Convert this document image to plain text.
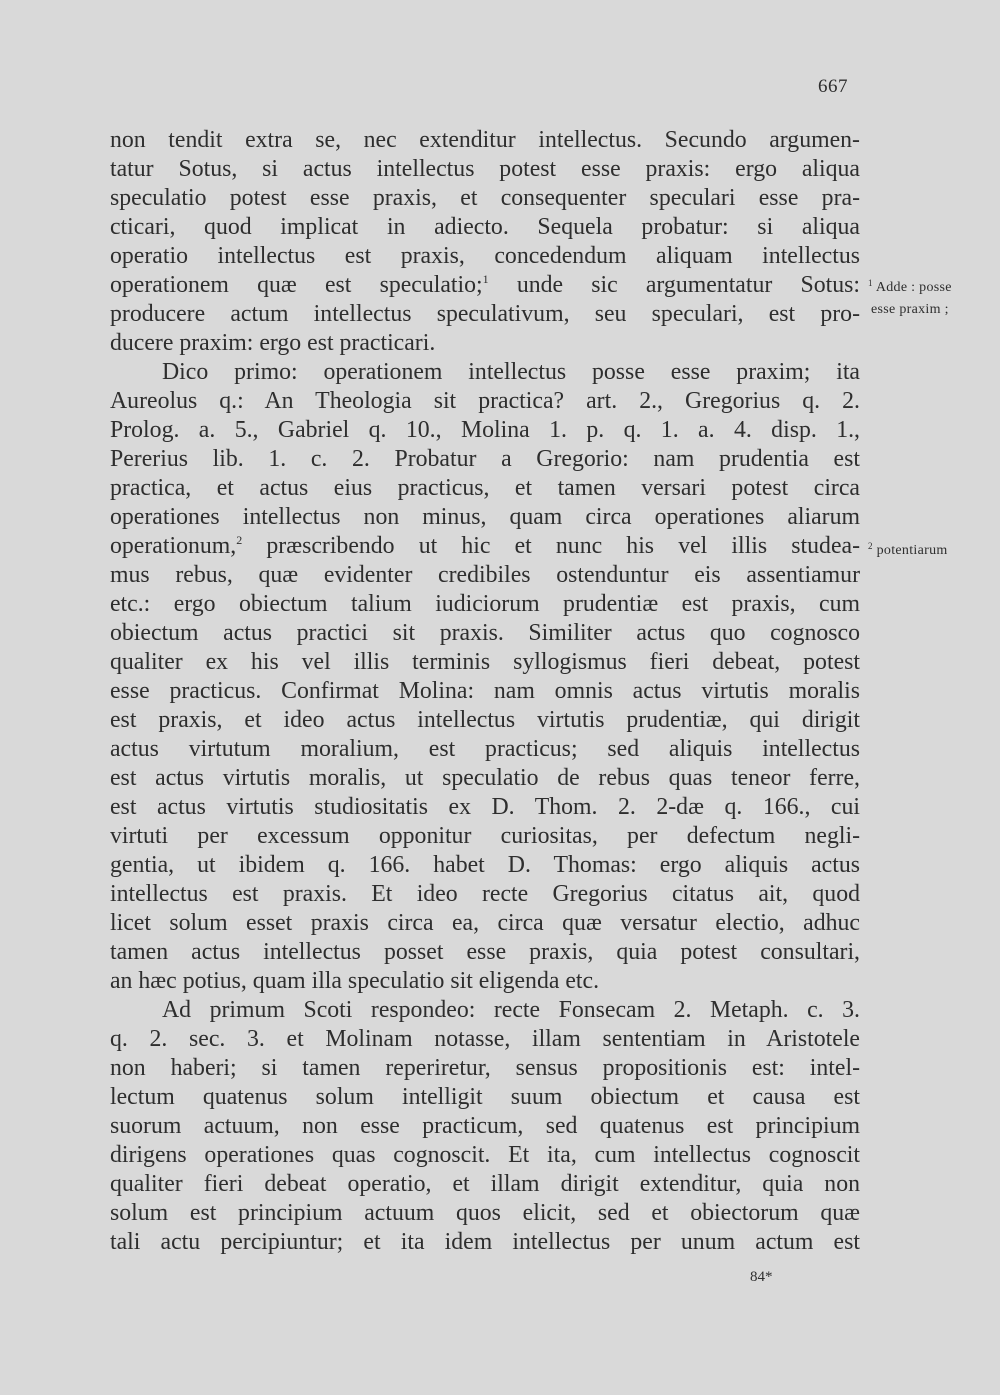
667
non tendit extra se, nec extenditur intellectus. Secundo argumen-
tatur Sotus, si actus intellectus potest esse praxis: ergo aliqua
speculatio potest esse praxis, et consequenter speculari esse pra-
cticari, quod implicat in adiecto. Sequela probatur: si aliqua
operatio intellectus est praxis, concedendum aliquam intellectus
operationem quæ est speculatio;$^1$ unde sic argumentatur Sotus:
producere actum intellectus speculativum, seu speculari, est pro-
ducere praxim: ergo est practicari.
Dico primo: operationem intellectus posse esse praxim; ita
Aureolus q.: An Theologia sit practica? art. 2., Gregorius q. 2.
Prolog. a. 5., Gabriel q. 10., Molina 1. p. q. 1. a. 4. disp. 1.,
Pererius lib. 1. c. 2. Probatur a Gregorio: nam prudentia est
practica, et actus eius practicus, et tamen versari potest circa
operationes intellectus non minus, quam circa operationes aliarum
operationum,$^2$ præscribendo ut hic et nunc his vel illis studea-
mus rebus, quæ evidenter credibiles ostenduntur eis assentiamur
etc.: ergo obiectum talium iudiciorum prudentiæ est praxis, cum
obiectum actus practici sit praxis. Similiter actus quo cognosco
qualiter ex his vel illis terminis syllogismus fieri debeat, potest
esse practicus. Confirmat Molina: nam omnis actus virtutis moralis
est praxis, et ideo actus intellectus virtutis prudentiæ, qui dirigit
actus virtutum moralium, est practicus; sed aliquis intellectus
est actus virtutis moralis, ut speculatio de rebus quas teneor ferre,
est actus virtutis studiositatis ex D. Thom. 2. 2-dæ q. 166., cui
virtuti per excessum opponitur curiositas, per defectum negli-
gentia, ut ibidem q. 166. habet D. Thomas: ergo aliquis actus
intellectus est praxis. Et ideo recte Gregorius citatus ait, quod
licet solum esset praxis circa ea, circa quæ versatur electio, adhuc
tamen actus intellectus posset esse praxis, quia potest consultari,
an hæc potius, quam illa speculatio sit eligenda etc.
Ad primum Scoti respondeo: recte Fonsecam 2. Metaph. c. 3.
q. 2. sec. 3. et Molinam notasse, illam sententiam in Aristotele
non haberi; si tamen reperiretur, sensus propositionis est: intel-
lectum quatenus solum intelligit suum obiectum et causa est
suorum actuum, non esse practicum, sed quatenus est principium
dirigens operationes quas cognoscit. Et ita, cum intellectus cognoscit
qualiter fieri debeat operatio, et illam dirigit extenditur, quia non
solum est principium actuum quos elicit, sed et obiectorum quæ
tali actu percipiuntur; et ita idem intellectus per unum actum est
$^1$ Adde : posse
esse praxim ;
$^2$ potentiarum
84*
